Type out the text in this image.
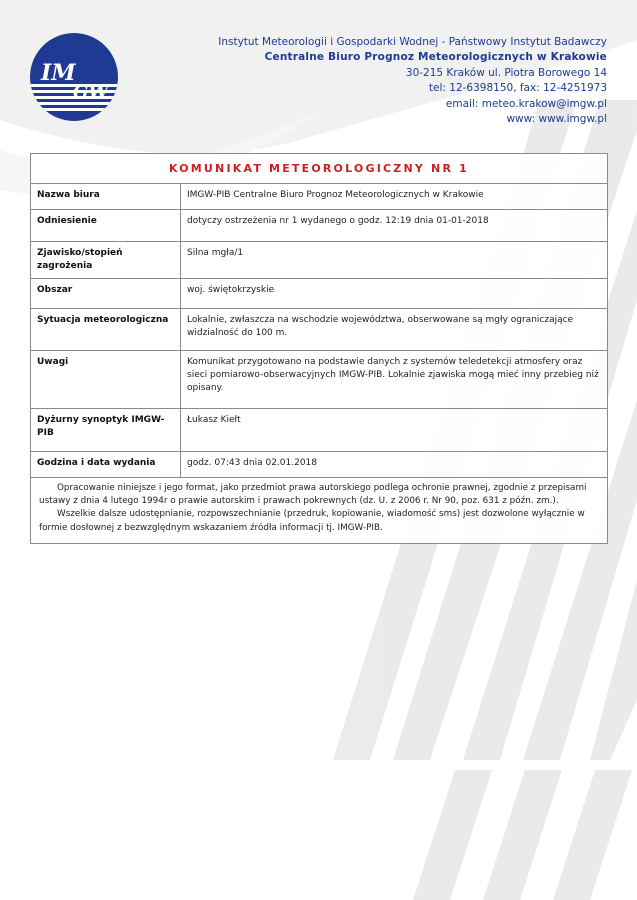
IM
GW
Instytut Meteorologii i Gospodarki Wodnej - Państwowy Instytut Badawczy
Centralne Biuro Prognoz Meteorologicznych w Krakowie
30-215 Kraków ul. Piotra Borowego 14
tel: 12-6398150, fax: 12-4251973
email: meteo.krakow@imgw.pl
www: www.imgw.pl
KOMUNIKAT METEOROLOGICZNY NR 1
Nazwa biura	IMGW-PIB Centralne Biuro Prognoz Meteorologicznych w Krakowie
Odniesienie	dotyczy ostrzeżenia nr 1 wydanego o godz. 12:19 dnia 01-01-2018
Zjawisko/stopień zagrożenia	Silna mgła/1
Obszar	woj. świętokrzyskie
Sytuacja meteorologiczna	Lokalnie, zwłaszcza na wschodzie województwa, obserwowane są mgły ograniczające widzialność do 100 m.
Uwagi	Komunikat przygotowano na podstawie danych z systemów teledetekcji atmosfery oraz sieci pomiarowo-obserwacyjnych IMGW-PIB. Lokalnie zjawiska mogą mieć inny przebieg niż opisany.
Dyżurny synoptyk IMGW-PIB	Łukasz Kiełt
Godzina i data wydania	godz. 07:43 dnia 02.01.2018

Opracowanie niniejsze i jego format, jako przedmiot prawa autorskiego podlega ochronie prawnej, zgodnie z przepisami ustawy z dnia 4 lutego 1994r o prawie autorskim i prawach pokrewnych (dz. U. z 2006 r. Nr 90, poz. 631 z późn. zm.).

Wszelkie dalsze udostępnianie, rozpowszechnianie (przedruk, kopiowanie, wiadomość sms) jest dozwolone wyłącznie w formie dosłownej z bezwzględnym wskazaniem źródła informacji tj. IMGW-PIB.
